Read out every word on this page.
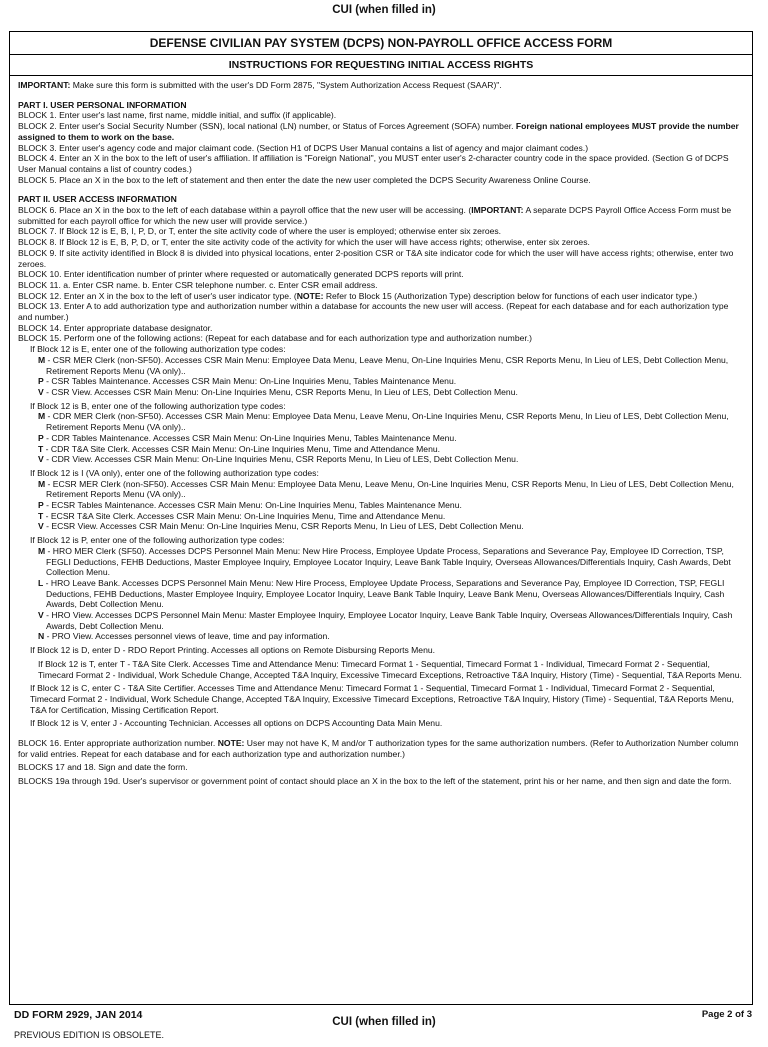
CUI (when filled in)
DEFENSE CIVILIAN PAY SYSTEM (DCPS) NON-PAYROLL OFFICE ACCESS FORM
INSTRUCTIONS FOR REQUESTING INITIAL ACCESS RIGHTS

IMPORTANT: Make sure this form is submitted with the user's DD Form 2875, "System Authorization Access Request (SAAR)".

PART I. USER PERSONAL INFORMATION

BLOCK 1. Enter user's last name, first name, middle initial, and suffix (if applicable).

BLOCK 2. Enter user's Social Security Number (SSN), local national (LN) number, or Status of Forces Agreement (SOFA) number. Foreign national employees MUST provide the number assigned to them to work on the base.

BLOCK 3. Enter user's agency code and major claimant code. (Section H1 of DCPS User Manual contains a list of agency and major claimant codes.)

BLOCK 4. Enter an X in the box to the left of user's affiliation. If affiliation is "Foreign National", you MUST enter user's 2-character country code in the space provided. (Section G of DCPS User Manual contains a list of country codes.)

BLOCK 5. Place an X in the box to the left of statement and then enter the date the new user completed the DCPS Security Awareness Online Course.

PART II. USER ACCESS INFORMATION

BLOCK 6. Place an X in the box to the left of each database within a payroll office that the new user will be accessing. (IMPORTANT: A separate DCPS Payroll Office Access Form must be submitted for each payroll office for which the new user will provide service.)

BLOCK 7. If Block 12 is E, B, I, P, D, or T, enter the site activity code of where the user is employed; otherwise enter six zeroes.

BLOCK 8. If Block 12 is E, B, P, D, or T, enter the site activity code of the activity for which the user will have access rights; otherwise, enter six zeroes.

BLOCK 9. If site activity identified in Block 8 is divided into physical locations, enter 2-position CSR or T&A site indicator code for which the user will have access rights; otherwise, enter two zeroes.

BLOCK 10. Enter identification number of printer where requested or automatically generated DCPS reports will print.

BLOCK 11. a. Enter CSR name. b. Enter CSR telephone number. c. Enter CSR email address.

BLOCK 12. Enter an X in the box to the left of user's user indicator type. (NOTE: Refer to Block 15 (Authorization Type) description below for functions of each user indicator type.)

BLOCK 13. Enter A to add authorization type and authorization number within a database for accounts the new user will access. (Repeat for each database and for each authorization type and number.)

BLOCK 14. Enter appropriate database designator.

BLOCK 15. Perform one of the following actions: (Repeat for each database and for each authorization type and authorization number.)

If Block 12 is E, enter one of the following authorization type codes:

M - CSR MER Clerk (non-SF50). Accesses CSR Main Menu: Employee Data Menu, Leave Menu, On-Line Inquiries Menu, CSR Reports Menu, In Lieu of LES, Debt Collection Menu, Retirement Reports Menu (VA only)..

P - CSR Tables Maintenance. Accesses CSR Main Menu: On-Line Inquiries Menu, Tables Maintenance Menu.

V - CSR View. Accesses CSR Main Menu: On-Line Inquiries Menu, CSR Reports Menu, In Lieu of LES, Debt Collection Menu.

If Block 12 is B, enter one of the following authorization type codes:

M - CDR MER Clerk (non-SF50). Accesses CSR Main Menu: Employee Data Menu, Leave Menu, On-Line Inquiries Menu, CSR Reports Menu, In Lieu of LES, Debt Collection Menu, Retirement Reports Menu (VA only)..

P - CDR Tables Maintenance. Accesses CSR Main Menu: On-Line Inquiries Menu, Tables Maintenance Menu.

T - CDR T&A Site Clerk. Accesses CSR Main Menu: On-Line Inquiries Menu, Time and Attendance Menu.

V - CDR View. Accesses CSR Main Menu: On-Line Inquiries Menu, CSR Reports Menu, In Lieu of LES, Debt Collection Menu.

If Block 12 is I (VA only), enter one of the following authorization type codes:

M - ECSR MER Clerk (non-SF50). Accesses CSR Main Menu: Employee Data Menu, Leave Menu, On-Line Inquiries Menu, CSR Reports Menu, In Lieu of LES, Debt Collection Menu, Retirement Reports Menu (VA only)..

P - ECSR Tables Maintenance. Accesses CSR Main Menu: On-Line Inquiries Menu, Tables Maintenance Menu.

T - ECSR T&A Site Clerk. Accesses CSR Main Menu: On-Line Inquiries Menu, Time and Attendance Menu.

V - ECSR View. Accesses CSR Main Menu: On-Line Inquiries Menu, CSR Reports Menu, In Lieu of LES, Debt Collection Menu.

If Block 12 is P, enter one of the following authorization type codes:

M - HRO MER Clerk (SF50). Accesses DCPS Personnel Main Menu: New Hire Process, Employee Update Process, Separations and Severance Pay, Employee ID Correction, TSP, FEGLI Deductions, FEHB Deductions, Master Employee Inquiry, Employee Locator Inquiry, Leave Bank Table Inquiry, Overseas Allowances/Differentials Inquiry, Cash Awards, Debt Collection Menu.

L - HRO Leave Bank. Accesses DCPS Personnel Main Menu: New Hire Process, Employee Update Process, Separations and Severance Pay, Employee ID Correction, TSP, FEGLI Deductions, FEHB Deductions, Master Employee Inquiry, Employee Locator Inquiry, Leave Bank Table Inquiry, Leave Bank Menu, Overseas Allowances/Differentials Inquiry, Cash Awards, Debt Collection Menu.

V - HRO View. Accesses DCPS Personnel Main Menu: Master Employee Inquiry, Employee Locator Inquiry, Leave Bank Table Inquiry, Overseas Allowances/Differentials Inquiry, Cash Awards, Debt Collection Menu.

N - PRO View. Accesses personnel views of leave, time and pay information.

If Block 12 is D, enter D - RDO Report Printing. Accesses all options on Remote Disbursing Reports Menu.

If Block 12 is T, enter T - T&A Site Clerk. Accesses Time and Attendance Menu: Timecard Format 1 - Sequential, Timecard Format 1 - Individual, Timecard Format 2 - Sequential, Timecard Format 2 - Individual, Work Schedule Change, Accepted T&A Inquiry, Excessive Timecard Exceptions, Retroactive T&A Inquiry, History (Time) - Sequential, T&A Reports Menu.

If Block 12 is C, enter C - T&A Site Certifier. Accesses Time and Attendance Menu: Timecard Format 1 - Sequential, Timecard Format 1 - Individual, Timecard Format 2 - Sequential, Timecard Format 2 - Individual, Work Schedule Change, Accepted T&A Inquiry, Excessive Timecard Exceptions, Retroactive T&A Inquiry, History (Time) - Sequential, T&A Reports Menu, T&A for Certification, Missing Certification Report.

If Block 12 is V, enter J - Accounting Technician. Accesses all options on DCPS Accounting Data Main Menu.

BLOCK 16. Enter appropriate authorization number. NOTE: User may not have K, M and/or T authorization types for the same authorization numbers. (Refer to Authorization Number column for valid entries. Repeat for each database and for each authorization type and authorization number.)

BLOCKS 17 and 18. Sign and date the form.

BLOCKS 19a through 19d. User's supervisor or government point of contact should place an X in the box to the left of the statement, print his or her name, and then sign and date the form.

DD FORM 2929, JAN 2014
CUI (when filled in)
Page 2 of 3
PREVIOUS EDITION IS OBSOLETE.
